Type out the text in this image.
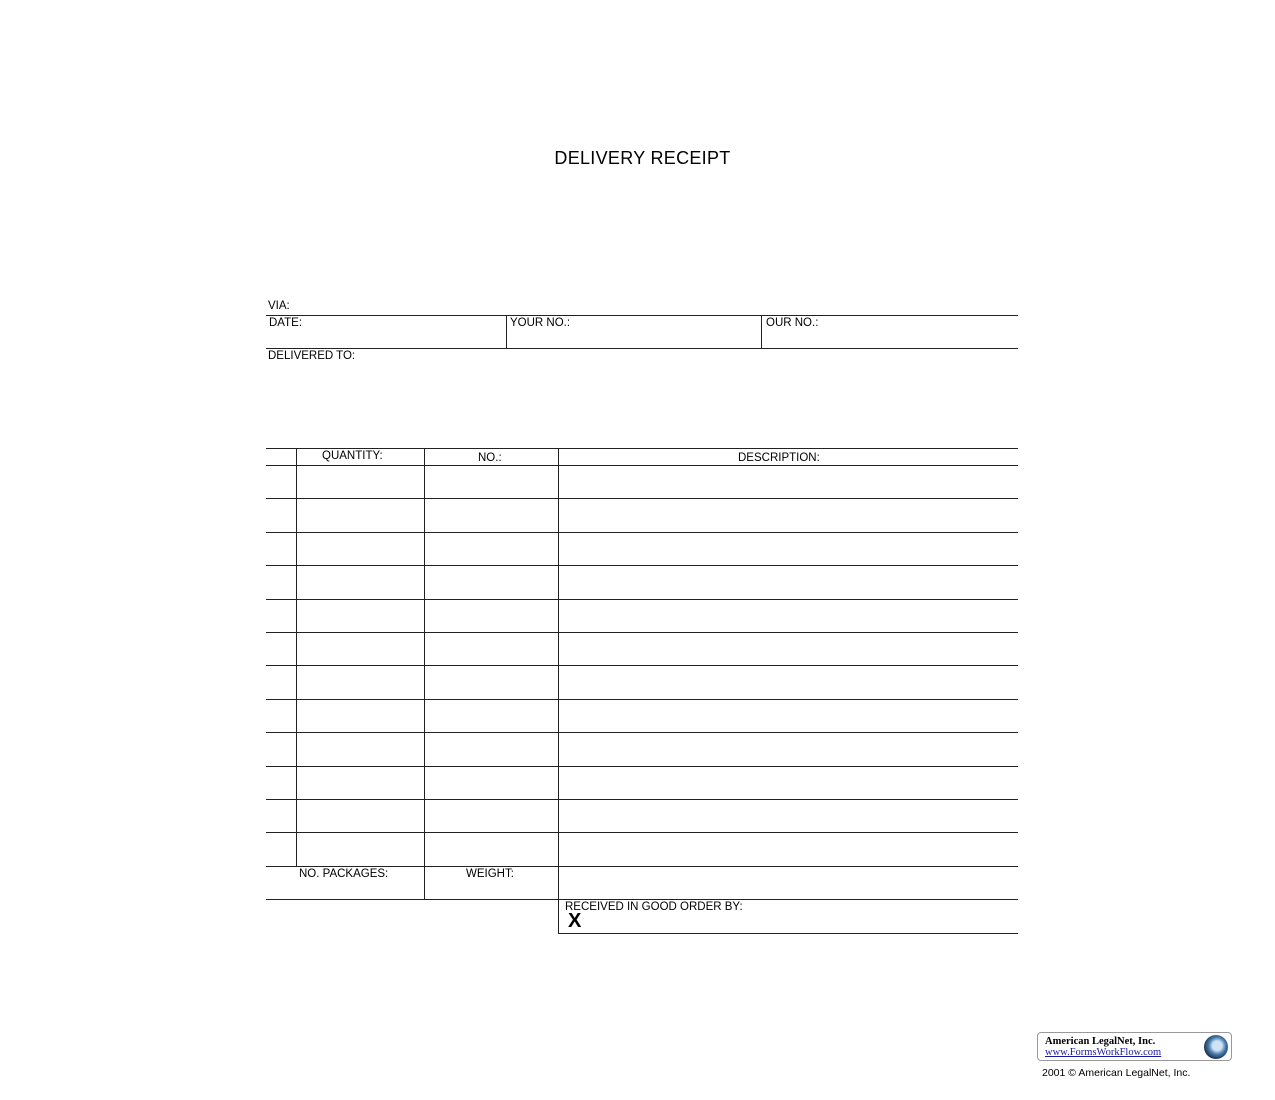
DELIVERY RECEIPT
VIA:
DATE:	YOUR NO.:	OUR NO.:
DELIVERED TO:
QUANTITY:	NO.:	DESCRIPTION:
NO. PACKAGES:	WEIGHT:
RECEIVED IN GOOD ORDER BY:
X
American LegalNet, Inc.
www.FormsWorkFlow.com
2001 © American LegalNet, Inc.
